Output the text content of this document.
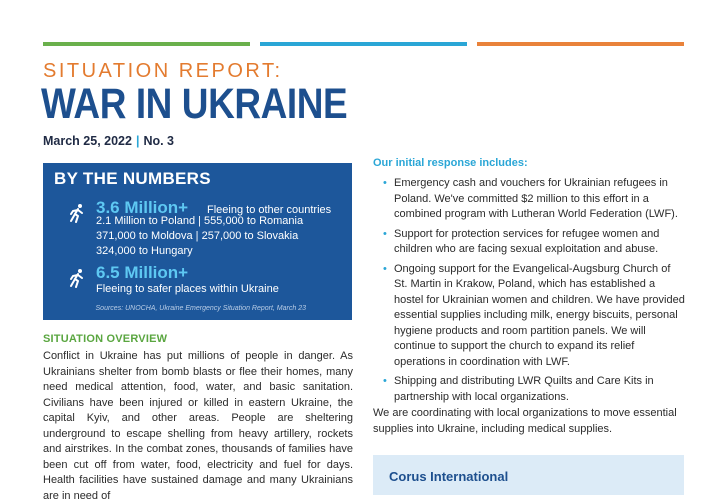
SITUATION REPORT:
WAR IN UKRAINE
March 25, 2022 | No. 3
BY THE NUMBERS
3.6 Million+ Fleeing to other countries
2.1 Million to Poland | 555,000 to Romania
371,000 to Moldova | 257,000 to Slovakia
324,000 to Hungary
6.5 Million+
Fleeing to safer places within Ukraine
Sources: UNOCHA, Ukraine Emergency Situation Report, March 23
SITUATION OVERVIEW
Conflict in Ukraine has put millions of people in danger. As Ukrainians shelter from bomb blasts or flee their homes, many need medical attention, food, water, and basic sanitation. Civilians have been injured or killed in eastern Ukraine, the capital Kyiv, and other areas. People are sheltering underground to escape shelling from heavy artillery, rockets and airstrikes. In the combat zones, thousands of families have been cut off from water, food, electricity and fuel for days. Health facilities have sustained damage and many Ukrainians are in need of
Our initial response includes:
• Emergency cash and vouchers for Ukrainian refugees in Poland. We've committed $2 million to this effort in a combined program with Lutheran World Federation (LWF).
• Support for protection services for refugee women and children who are facing sexual exploitation and abuse.
• Ongoing support for the Evangelical-Augsburg Church of St. Martin in Krakow, Poland, which has established a hostel for Ukrainian women and children. We have provided essential supplies including milk, energy biscuits, personal hygiene products and room partition panels. We will continue to support the church to expand its relief operations in coordination with LWF.
• Shipping and distributing LWR Quilts and Care Kits in partnership with local organizations.
We are coordinating with local organizations to move essential supplies into Ukraine, including medical supplies.
Corus International
